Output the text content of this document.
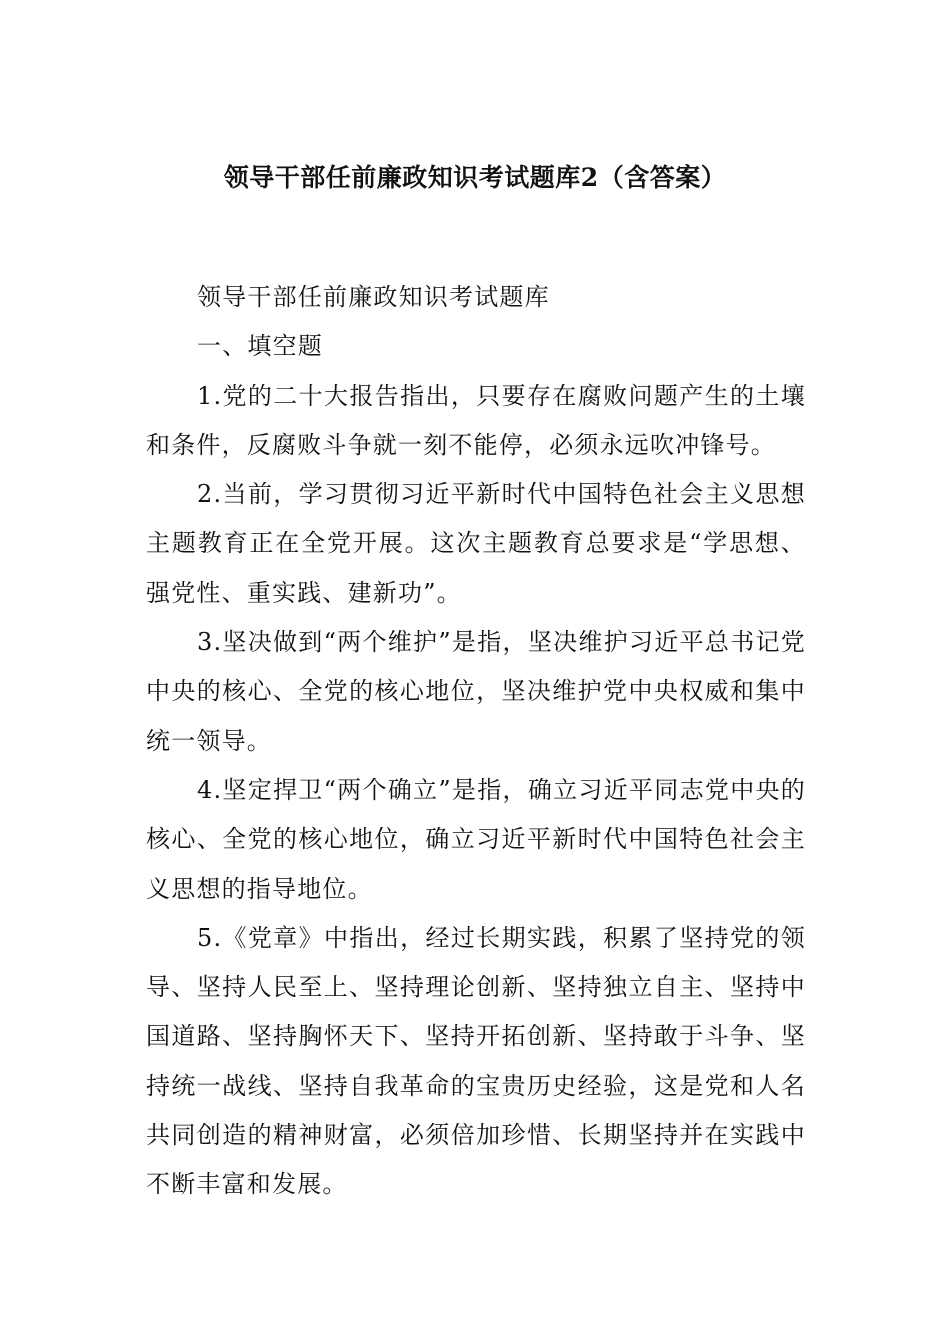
领导干部任前廉政知识考试题库2（含答案）

领导干部任前廉政知识考试题库

一、填空题

1.党的二十大报告指出，只要存在腐败问题产生的土壤和条件，反腐败斗争就一刻不能停，必须永远吹冲锋号。

2.当前，学习贯彻习近平新时代中国特色社会主义思想主题教育正在全党开展。这次主题教育总要求是“学思想、强党性、重实践、建新功”。

3.坚决做到“两个维护”是指，坚决维护习近平总书记党中央的核心、全党的核心地位，坚决维护党中央权威和集中统一领导。

4.坚定捍卫“两个确立”是指，确立习近平同志党中央的核心、全党的核心地位，确立习近平新时代中国特色社会主义思想的指导地位。

5.《党章》中指出，经过长期实践，积累了坚持党的领导、坚持人民至上、坚持理论创新、坚持独立自主、坚持中国道路、坚持胸怀天下、坚持开拓创新、坚持敢于斗争、坚持统一战线、坚持自我革命的宝贵历史经验，这是党和人名共同创造的精神财富，必须倍加珍惜、长期坚持并在实践中不断丰富和发展。
